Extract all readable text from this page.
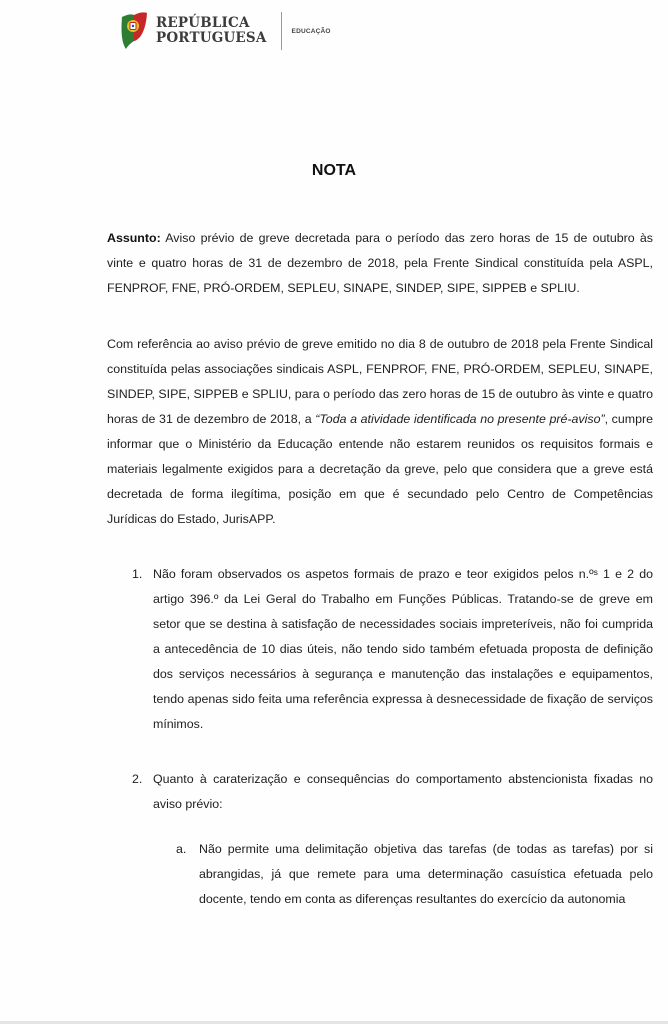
REPÚBLICA
PORTUGUESA	EDUCAÇÃO
NOTA
Assunto: Aviso prévio de greve decretada para o período das zero horas de 15 de outubro às vinte e quatro horas de 31 de dezembro de 2018, pela Frente Sindical constituída pela ASPL, FENPROF, FNE, PRÓ-ORDEM, SEPLEU, SINAPE, SINDEP, SIPE, SIPPEB e SPLIU.
Com referência ao aviso prévio de greve emitido no dia 8 de outubro de 2018 pela Frente Sindical constituída pelas associações sindicais ASPL, FENPROF, FNE, PRÓ-ORDEM, SEPLEU, SINAPE, SINDEP, SIPE, SIPPEB e SPLIU, para o período das zero horas de 15 de outubro às vinte e quatro horas de 31 de dezembro de 2018, a “Toda a atividade identificada no presente pré-aviso”, cumpre informar que o Ministério da Educação entende não estarem reunidos os requisitos formais e materiais legalmente exigidos para a decretação da greve, pelo que considera que a greve está decretada de forma ilegítima, posição em que é secundado pelo Centro de Competências Jurídicas do Estado, JurisAPP.
1. Não foram observados os aspetos formais de prazo e teor exigidos pelos n.ºˢ 1 e 2 do artigo 396.º da Lei Geral do Trabalho em Funções Públicas. Tratando-se de greve em setor que se destina à satisfação de necessidades sociais impreteríveis, não foi cumprida a antecedência de 10 dias úteis, não tendo sido também efetuada proposta de definição dos serviços necessários à segurança e manutenção das instalações e equipamentos, tendo apenas sido feita uma referência expressa à desnecessidade de fixação de serviços mínimos.
2. Quanto à caraterização e consequências do comportamento abstencionista fixadas no aviso prévio:
a. Não permite uma delimitação objetiva das tarefas (de todas as tarefas) por si abrangidas, já que remete para uma determinação casuística efetuada pelo docente, tendo em conta as diferenças resultantes do exercício da autonomia
